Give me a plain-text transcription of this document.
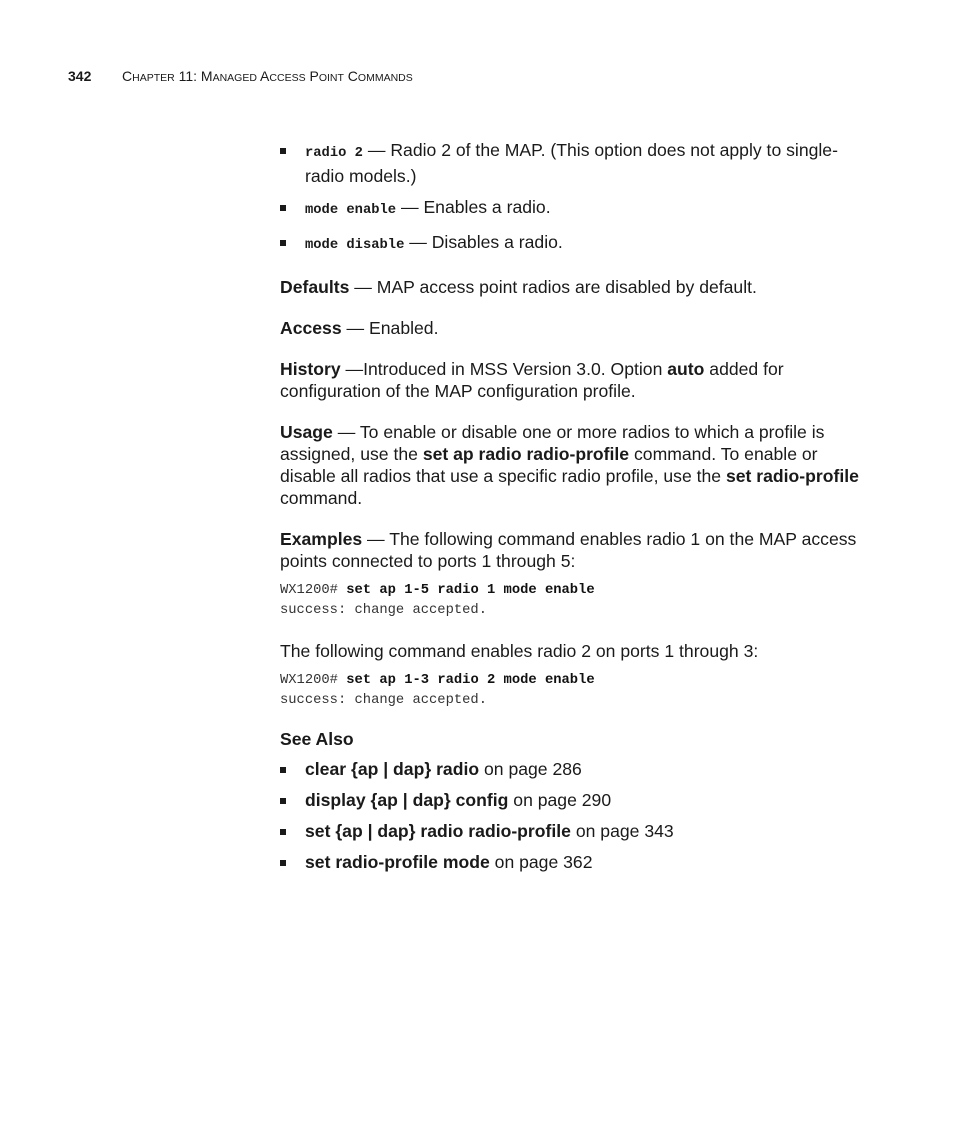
342 CHAPTER 11: MANAGED ACCESS POINT COMMANDS
radio 2 — Radio 2 of the MAP. (This option does not apply to single-radio models.)
mode enable — Enables a radio.
mode disable — Disables a radio.

Defaults — MAP access point radios are disabled by default.

Access — Enabled.

History —Introduced in MSS Version 3.0. Option auto added for configuration of the MAP configuration profile.

Usage — To enable or disable one or more radios to which a profile is assigned, use the set ap radio radio-profile command. To enable or disable all radios that use a specific radio profile, use the set radio-profile command.

Examples — The following command enables radio 1 on the MAP access points connected to ports 1 through 5:

WX1200# set ap 1-5 radio 1 mode enable
success: change accepted.

The following command enables radio 2 on ports 1 through 3:

WX1200# set ap 1-3 radio 2 mode enable
success: change accepted.

See Also

clear {ap | dap} radio on page 286
display {ap | dap} config on page 290
set {ap | dap} radio radio-profile on page 343
set radio-profile mode on page 362
